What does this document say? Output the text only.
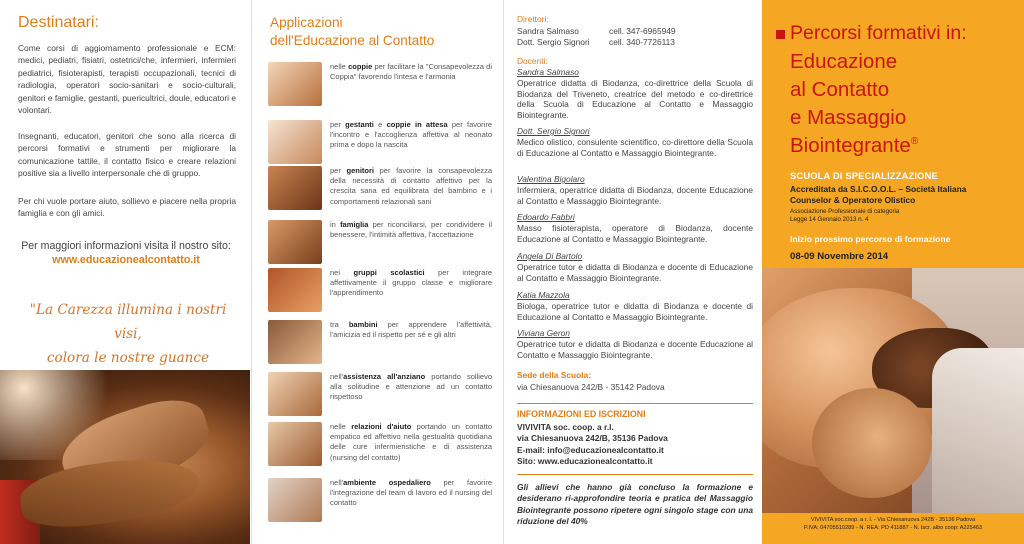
Destinatari:

Come corsi di aggiornamento professionale e ECM: medici, pediatri, fisiatri, ostetrici/che, infermieri, infermieri pediatrici, fisioterapisti, terapisti occupazionali, tecnici di radiologia, operatori socio-sanitari e socio-culturali, genitori e famiglie, gestanti, puericultrici, doule, educatori e volontari.

Insegnanti, educatori, genitori che sono alla ricerca di percorsi formativi e strumenti per migliorare la comunicazione tattile, il contatto fisico e creare relazioni positive sia a livello interpersonale che di gruppo.

Per chi vuole portare aiuto, sollievo e piacere nella propria famiglia e con gli amici.

Per maggiori informazioni visita il nostro sito:

www.educazionealcontatto.it

"La Carezza illumina i nostri visi,
colora le nostre guance
Applicazioni
dell'Educazione al Contatto
nelle coppie per facilitare la "Consapevolezza di Coppia" favorendo l'intesa e l'armonia
per gestanti e coppie in attesa per favorire l'incontro e l'accoglienza affettiva al neonato prima e dopo la nascita
per genitori per favorire la consapevolezza della necessità di contatto affettivo per la crescita sana ed equilibrata del bambino e i comportamenti relazionali sani
in famiglia per riconciliarsi, per condividere il benessere, l'intimità affettiva, l'accettazione
nei gruppi scolastici per integrare affettivamente il gruppo classe e migliorare l'apprendimento
tra bambini per apprendere l'affettività, l'amicizia ed il rispetto per sé e gli altri
nell'assistenza all'anziano portando sollievo alla solitudine e attenzione ad un contatto rispettoso
nelle relazioni d'aiuto portando un contatto empatico ed affettivo nella gestualità quotidiana delle cure infermieristiche e di assistenza (nursing del contatto)
nell'ambiente ospedaliero per favorire l'integrazione del team di lavoro ed il nursing del contatto
Direttori:
Sandra Salmaso	cell. 347-6965949
Dott. Sergio Signori cell. 340-7726113
Docenti:
Sandra Salmaso
Operatrice didatta di Biodanza, co-direttrice della Scuola di Biodanza del Triveneto, creatrice del metodo e co-direttrice della Scuola di Educazione al Contatto e Massaggio Biointegrante.
Dott. Sergio Signori
Medico olistico, consulente scientifico, co-direttore della Scuola di Educazione al Contatto e Massaggio Biointegrante.
Valentina Bigolaro
Infermiera, operatrice didatta di Biodanza, docente Educazione al Contatto e Massaggio Biointegrante.
Edoardo Fabbri
Masso fisioterapista, operatore di Biodanza, docente Educazione al Contatto e Massaggio Biointegrante.
Angela Di Bartolo
Operatrice tutor e didatta di Biodanza e docente di Educazione al Contatto e Massaggio Biointegrante.
Katia Mazzola
Biologa, operatrice tutor e didatta di Biodanza e docente di Educazione al Contatto e Massaggio Biointegrante.
Viviana Geron
Operatrice tutor e didatta di Biodanza e docente Educazione al Contatto e Massaggio Biointegrante.
Sede della Scuola:
via Chiesanuova 242/B - 35142 Padova
INFORMAZIONI ED ISCRIZIONI
VIVIVITA soc. coop. a r.l.
via Chiesanuova 242/B, 35136 Padova
E-mail: info@educazionealcontatto.it
Sito: www.educazionealcontatto.it
Gli allievi che hanno già concluso la formazione e desiderano ri-approfondire teoria e pratica del Massaggio Biointegrante possono ripetere ogni singolo stage con una riduzione del 40%
Percorsi formativi in:
Educazione
al Contatto
e Massaggio
Biointegrante®
SCUOLA DI SPECIALIZZAZIONE
Accreditata da S.I.C.O.O.L. – Società Italiana
Counselor & Operatore Olistico
Associazione Professionale di categoria
Legge 14 Gennaio 2013 n. 4
Inizio prossimo percorso di formazione
08-09 Novembre 2014
VIVIVITA soc.coop. a r. l. - Via Chiesanuova 242B - 35136 Padova
P.IVA: 04705510289 - N. REA: PD 411887 - N. Iscr. albo coop: A225463
